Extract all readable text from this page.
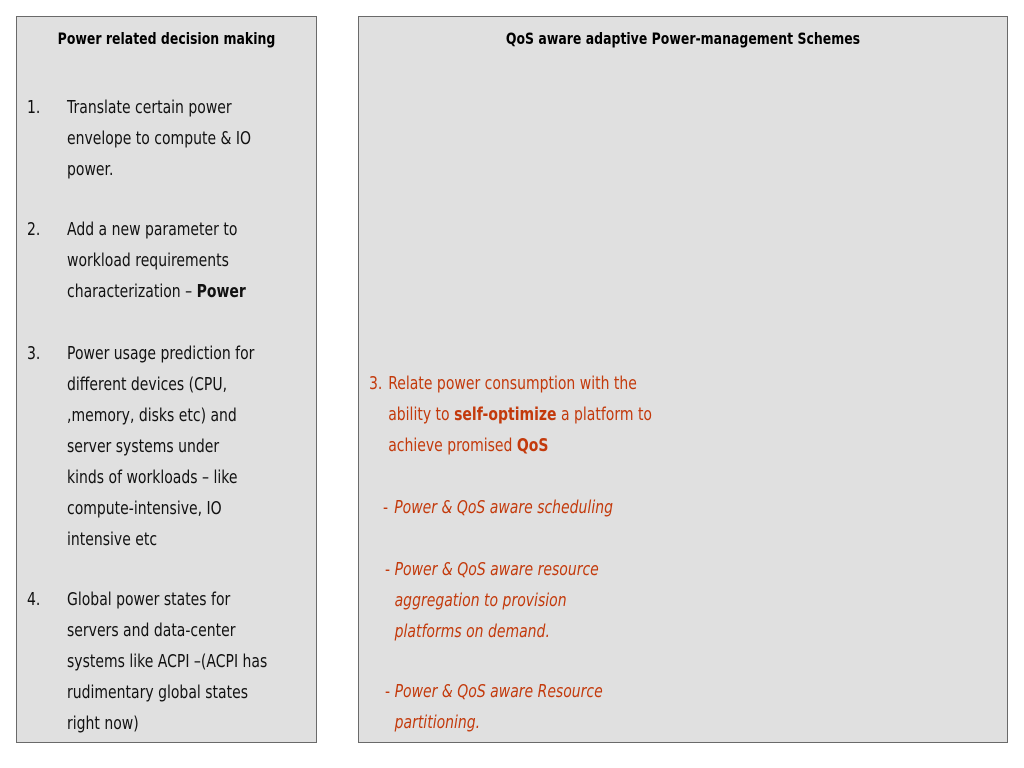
Power related decision making
1. Translate certain power
envelope to compute & IO
power.
2. Add a new parameter to
workload requirements
characterization – Power
3. Power usage prediction for
different devices (CPU,
,memory, disks etc) and
server systems under
kinds of workloads – like
compute-intensive, IO
intensive etc
4. Global power states for
servers and data-center
systems like ACPI –(ACPI has
rudimentary global states
right now)
QoS aware adaptive Power-management Schemes
3. Relate power consumption with the
ability to self-optimize a platform to
achieve promised QoS
- Power & QoS aware scheduling
- Power & QoS aware resource
aggregation to provision
platforms on demand.
- Power & QoS aware Resource
partitioning.
